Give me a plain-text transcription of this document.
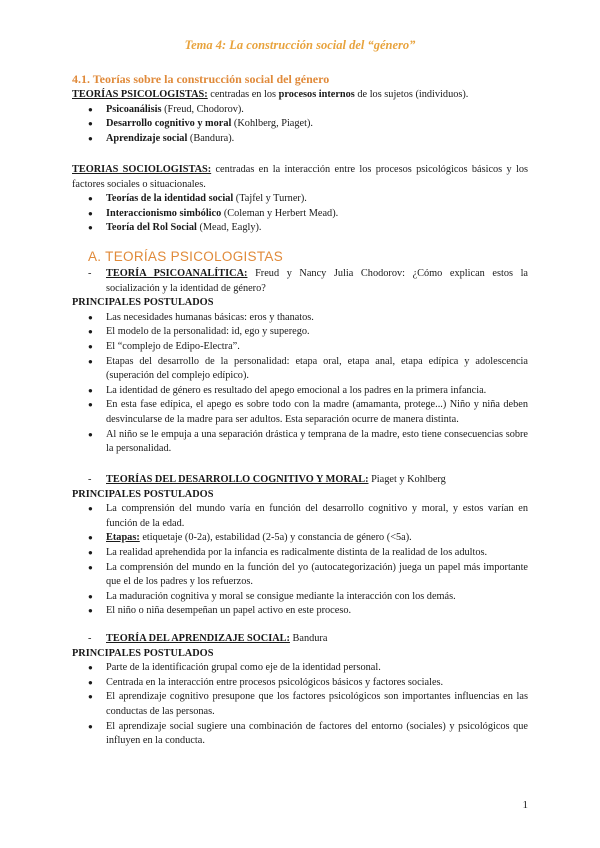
Tema 4: La construcción social del “género”
4.1. Teorías sobre la construcción social del género

TEORÍAS PSICOLOGISTAS: centradas en los procesos internos de los sujetos (individuos).

● Psicoanálisis (Freud, Chodorov).
● Desarrollo cognitivo y moral (Kohlberg, Piaget).
● Aprendizaje social (Bandura).

TEORIAS SOCIOLOGISTAS: centradas en la interacción entre los procesos psicológicos básicos y los factores sociales o situacionales.

● Teorías de la identidad social (Tajfel y Turner).
● Interaccionismo simbólico (Coleman y Herbert Mead).
● Teoría del Rol Social (Mead, Eagly).
A. TEORÍAS PSICOLOGISTAS

- TEORÍA PSICOANALÍTICA: Freud y Nancy Julia Chodorov: ¿Cómo explican estos la socialización y la identidad de género?

PRINCIPALES POSTULADOS

● Las necesidades humanas básicas: eros y thanatos.
● El modelo de la personalidad: id, ego y superego.
● El “complejo de Edipo-Electra”.
● Etapas del desarrollo de la personalidad: etapa oral, etapa anal, etapa edípica y adolescencia (superación del complejo edípico).
● La identidad de género es resultado del apego emocional a los padres en la primera infancia.
● En esta fase edípica, el apego es sobre todo con la madre (amamanta, protege...) Niño y niña deben desvincularse de la madre para ser adultos. Esta separación ocurre de manera distinta.
● Al niño se le empuja a una separación drástica y temprana de la madre, esto tiene consecuencias sobre la personalidad.

- TEORÍAS DEL DESARROLLO COGNITIVO Y MORAL: Piaget y Kohlberg

PRINCIPALES POSTULADOS

● La comprensión del mundo varía en función del desarrollo cognitivo y moral, y estos varían en función de la edad.
● Etapas: etiquetaje (0-2a), estabilidad (2-5a) y constancia de género (<5a).
● La realidad aprehendida por la infancia es radicalmente distinta de la realidad de los adultos.
● La comprensión del mundo en la función del yo (autocategorización) juega un papel más importante que el de los padres y los refuerzos.
● La maduración cognitiva y moral se consigue mediante la interacción con los demás.
● El niño o niña desempeñan un papel activo en este proceso.

- TEORÍA DEL APRENDIZAJE SOCIAL: Bandura

PRINCIPALES POSTULADOS

● Parte de la identificación grupal como eje de la identidad personal.
● Centrada en la interacción entre procesos psicológicos básicos y factores sociales.
● El aprendizaje cognitivo presupone que los factores psicológicos son importantes influencias en las conductas de las personas.
● El aprendizaje social sugiere una combinación de factores del entorno (sociales) y psicológicos que influyen en la conducta.
1
